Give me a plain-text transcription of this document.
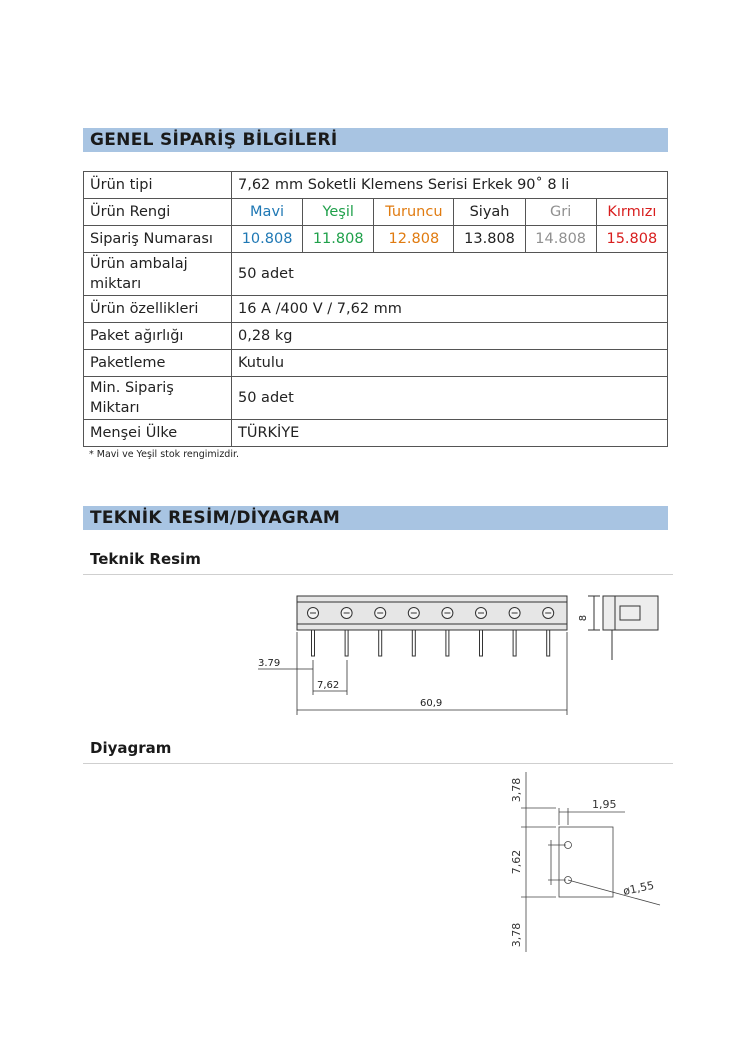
GENEL SİPARİŞ BİLGİLERİ
Ürün tipi	7,62 mm Soketli Klemens Serisi Erkek 90˚ 8 li					
Ürün Rengi	Mavi	Yeşil	Turuncu	Siyah	Gri	Kırmızı
Sipariş Numarası	10.808	11.808	12.808	13.808	14.808	15.808
Ürün ambalaj miktarı	50 adet					
Ürün özellikleri	16 A /400 V / 7,62 mm					
Paket ağırlığı	0,28 kg					
Paketleme	Kutulu					
Min. Sipariş Miktarı	50 adet					
Menşei Ülke	TÜRKİYE					
* Mavi ve Yeşil stok rengimizdir.
TEKNİK RESİM/DİYAGRAM
Teknik Resim
8
3.79
7,62
60,9
Diyagram
3,78
1,95
7,62
ø1,55
3,78
